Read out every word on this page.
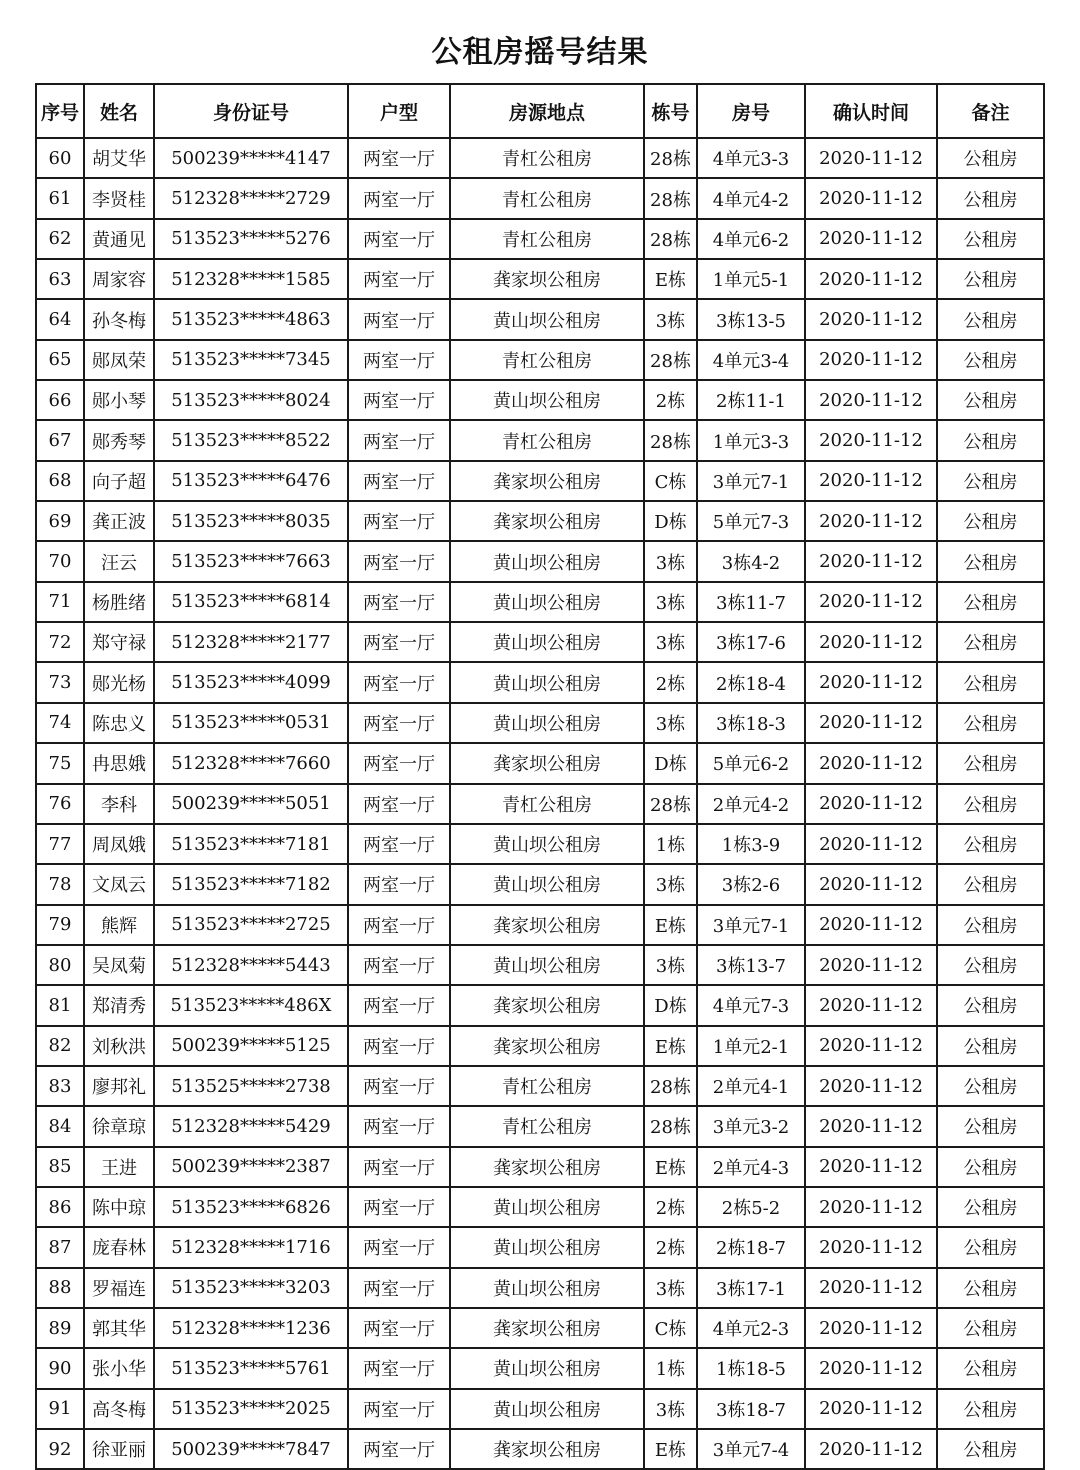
公租房摇号结果
序号	姓名	身份证号	户型	房源地点	栋号	房号	确认时间	备注
60	胡艾华	500239*****4147	两室一厅	青杠公租房	28栋	4单元3-3	2020-11-12	公租房
61	李贤桂	512328*****2729	两室一厅	青杠公租房	28栋	4单元4-2	2020-11-12	公租房
62	黄通见	513523*****5276	两室一厅	青杠公租房	28栋	4单元6-2	2020-11-12	公租房
63	周家容	512328*****1585	两室一厅	龚家坝公租房	E栋	1单元5-1	2020-11-12	公租房
64	孙冬梅	513523*****4863	两室一厅	黄山坝公租房	3栋	3栋13-5	2020-11-12	公租房
65	郧凤荣	513523*****7345	两室一厅	青杠公租房	28栋	4单元3-4	2020-11-12	公租房
66	郧小琴	513523*****8024	两室一厅	黄山坝公租房	2栋	2栋11-1	2020-11-12	公租房
67	郧秀琴	513523*****8522	两室一厅	青杠公租房	28栋	1单元3-3	2020-11-12	公租房
68	向子超	513523*****6476	两室一厅	龚家坝公租房	C栋	3单元7-1	2020-11-12	公租房
69	龚正波	513523*****8035	两室一厅	龚家坝公租房	D栋	5单元7-3	2020-11-12	公租房
70	汪云	513523*****7663	两室一厅	黄山坝公租房	3栋	3栋4-2	2020-11-12	公租房
71	杨胜绪	513523*****6814	两室一厅	黄山坝公租房	3栋	3栋11-7	2020-11-12	公租房
72	郑守禄	512328*****2177	两室一厅	黄山坝公租房	3栋	3栋17-6	2020-11-12	公租房
73	郧光杨	513523*****4099	两室一厅	黄山坝公租房	2栋	2栋18-4	2020-11-12	公租房
74	陈忠义	513523*****0531	两室一厅	黄山坝公租房	3栋	3栋18-3	2020-11-12	公租房
75	冉思娥	512328*****7660	两室一厅	龚家坝公租房	D栋	5单元6-2	2020-11-12	公租房
76	李科	500239*****5051	两室一厅	青杠公租房	28栋	2单元4-2	2020-11-12	公租房
77	周凤娥	513523*****7181	两室一厅	黄山坝公租房	1栋	1栋3-9	2020-11-12	公租房
78	文凤云	513523*****7182	两室一厅	黄山坝公租房	3栋	3栋2-6	2020-11-12	公租房
79	熊辉	513523*****2725	两室一厅	龚家坝公租房	E栋	3单元7-1	2020-11-12	公租房
80	吴凤菊	512328*****5443	两室一厅	黄山坝公租房	3栋	3栋13-7	2020-11-12	公租房
81	郑清秀	513523*****486X	两室一厅	龚家坝公租房	D栋	4单元7-3	2020-11-12	公租房
82	刘秋洪	500239*****5125	两室一厅	龚家坝公租房	E栋	1单元2-1	2020-11-12	公租房
83	廖邦礼	513525*****2738	两室一厅	青杠公租房	28栋	2单元4-1	2020-11-12	公租房
84	徐章琼	512328*****5429	两室一厅	青杠公租房	28栋	3单元3-2	2020-11-12	公租房
85	王进	500239*****2387	两室一厅	龚家坝公租房	E栋	2单元4-3	2020-11-12	公租房
86	陈中琼	513523*****6826	两室一厅	黄山坝公租房	2栋	2栋5-2	2020-11-12	公租房
87	庞春林	512328*****1716	两室一厅	黄山坝公租房	2栋	2栋18-7	2020-11-12	公租房
88	罗福连	513523*****3203	两室一厅	黄山坝公租房	3栋	3栋17-1	2020-11-12	公租房
89	郭其华	512328*****1236	两室一厅	龚家坝公租房	C栋	4单元2-3	2020-11-12	公租房
90	张小华	513523*****5761	两室一厅	黄山坝公租房	1栋	1栋18-5	2020-11-12	公租房
91	高冬梅	513523*****2025	两室一厅	黄山坝公租房	3栋	3栋18-7	2020-11-12	公租房
92	徐亚丽	500239*****7847	两室一厅	龚家坝公租房	E栋	3单元7-4	2020-11-12	公租房
